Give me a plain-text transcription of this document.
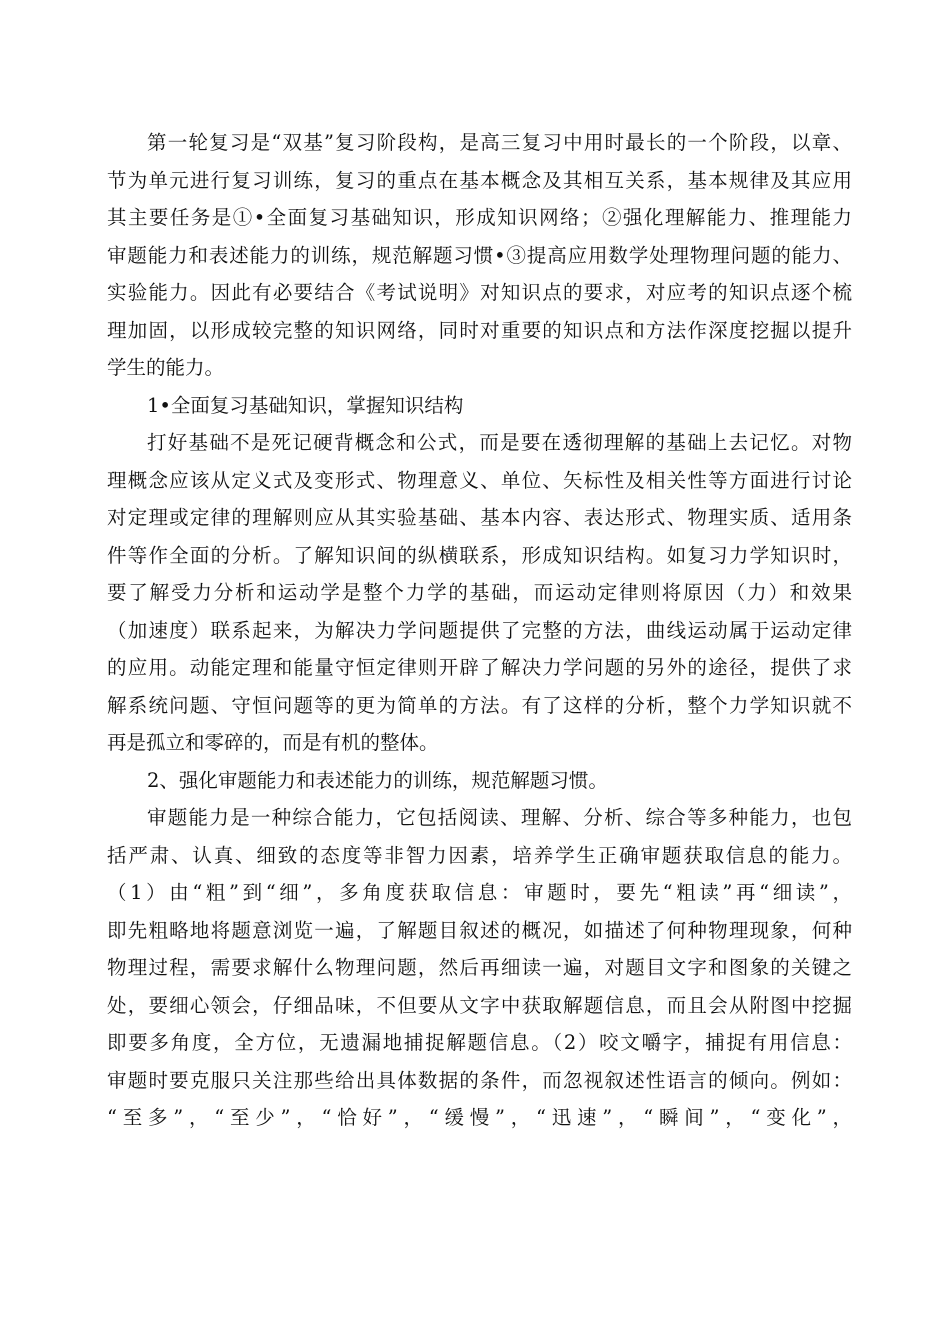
第一轮复习是“双基”复习阶段构，是高三复习中用时最长的一个阶段，以章、
节为单元进行复习训练，复习的重点在基本概念及其相互关系，基本规律及其应用
其主要任务是①•全面复习基础知识，形成知识网络；②强化理解能力、推理能力
审题能力和表述能力的训练，规范解题习惯•③提高应用数学处理物理问题的能力、
实验能力。因此有必要结合《考试说明》对知识点的要求，对应考的知识点逐个梳
理加固，以形成较完整的知识网络，同时对重要的知识点和方法作深度挖掘以提升
学生的能力。
1•全面复习基础知识，掌握知识结构
打好基础不是死记硬背概念和公式，而是要在透彻理解的基础上去记忆。对物
理概念应该从定义式及变形式、物理意义、单位、矢标性及相关性等方面进行讨论
对定理或定律的理解则应从其实验基础、基本内容、表达形式、物理实质、适用条
件等作全面的分析。了解知识间的纵横联系，形成知识结构。如复习力学知识时，
要了解受力分析和运动学是整个力学的基础，而运动定律则将原因（力）和效果
（加速度）联系起来，为解决力学问题提供了完整的方法，曲线运动属于运动定律
的应用。动能定理和能量守恒定律则开辟了解决力学问题的另外的途径，提供了求
解系统问题、守恒问题等的更为简单的方法。有了这样的分析，整个力学知识就不
再是孤立和零碎的，而是有机的整体。
2、强化审题能力和表述能力的训练，规范解题习惯。
审题能力是一种综合能力，它包括阅读、理解、分析、综合等多种能力，也包
括严肃、认真、细致的态度等非智力因素，培养学生正确审题获取信息的能力。
（1）由“粗”到“细”，多角度获取信息：审题时，要先“粗读”再“细读”，
即先粗略地将题意浏览一遍，了解题目叙述的概况，如描述了何种物理现象，何种
物理过程，需要求解什么物理问题，然后再细读一遍，对题目文字和图象的关键之
处，要细心领会，仔细品味，不但要从文字中获取解题信息，而且会从附图中挖掘
即要多角度，全方位，无遗漏地捕捉解题信息。（2）咬文嚼字，捕捉有用信息：
审题时要克服只关注那些给出具体数据的条件，而忽视叙述性语言的倾向。例如：
“至多”，“至少”，“恰好”，“缓慢”，“迅速”，“瞬间”，“变化”，
